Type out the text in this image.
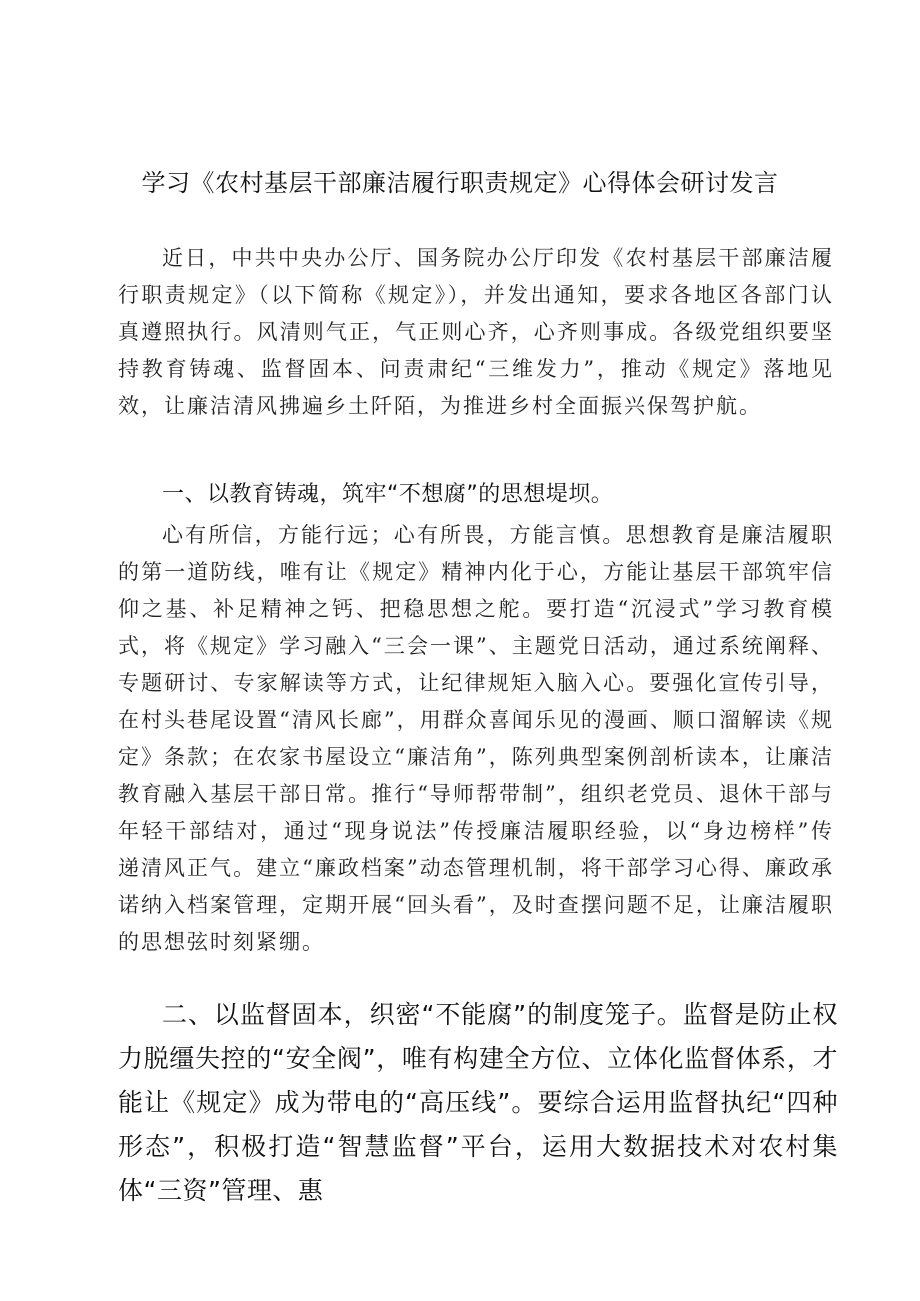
学习《农村基层干部廉洁履行职责规定》心得体会研讨发言

近日，中共中央办公厅、国务院办公厅印发《农村基层干部廉洁履行职责规定》（以下简称《规定》），并发出通知，要求各地区各部门认真遵照执行。风清则气正，气正则心齐，心齐则事成。各级党组织要坚持教育铸魂、监督固本、问责肃纪“三维发力”，推动《规定》落地见效，让廉洁清风拂遍乡土阡陌，为推进乡村全面振兴保驾护航。

一、以教育铸魂，筑牢“不想腐”的思想堤坝。

心有所信，方能行远；心有所畏，方能言慎。思想教育是廉洁履职的第一道防线，唯有让《规定》精神内化于心，方能让基层干部筑牢信仰之基、补足精神之钙、把稳思想之舵。要打造“沉浸式”学习教育模式，将《规定》学习融入“三会一课”、主题党日活动，通过系统阐释、专题研讨、专家解读等方式，让纪律规矩入脑入心。要强化宣传引导，在村头巷尾设置“清风长廊”，用群众喜闻乐见的漫画、顺口溜解读《规定》条款；在农家书屋设立“廉洁角”，陈列典型案例剖析读本，让廉洁教育融入基层干部日常。推行“导师帮带制”，组织老党员、退休干部与年轻干部结对，通过“现身说法”传授廉洁履职经验，以“身边榜样”传递清风正气。建立“廉政档案”动态管理机制，将干部学习心得、廉政承诺纳入档案管理，定期开展“回头看”，及时查摆问题不足，让廉洁履职的思想弦时刻紧绷。

二、以监督固本，织密“不能腐”的制度笼子。监督是防止权力脱缰失控的“安全阀”，唯有构建全方位、立体化监督体系，才能让《规定》成为带电的“高压线”。要综合运用监督执纪“四种形态”，积极打造“智慧监督”平台，运用大数据技术对农村集体“三资”管理、惠
